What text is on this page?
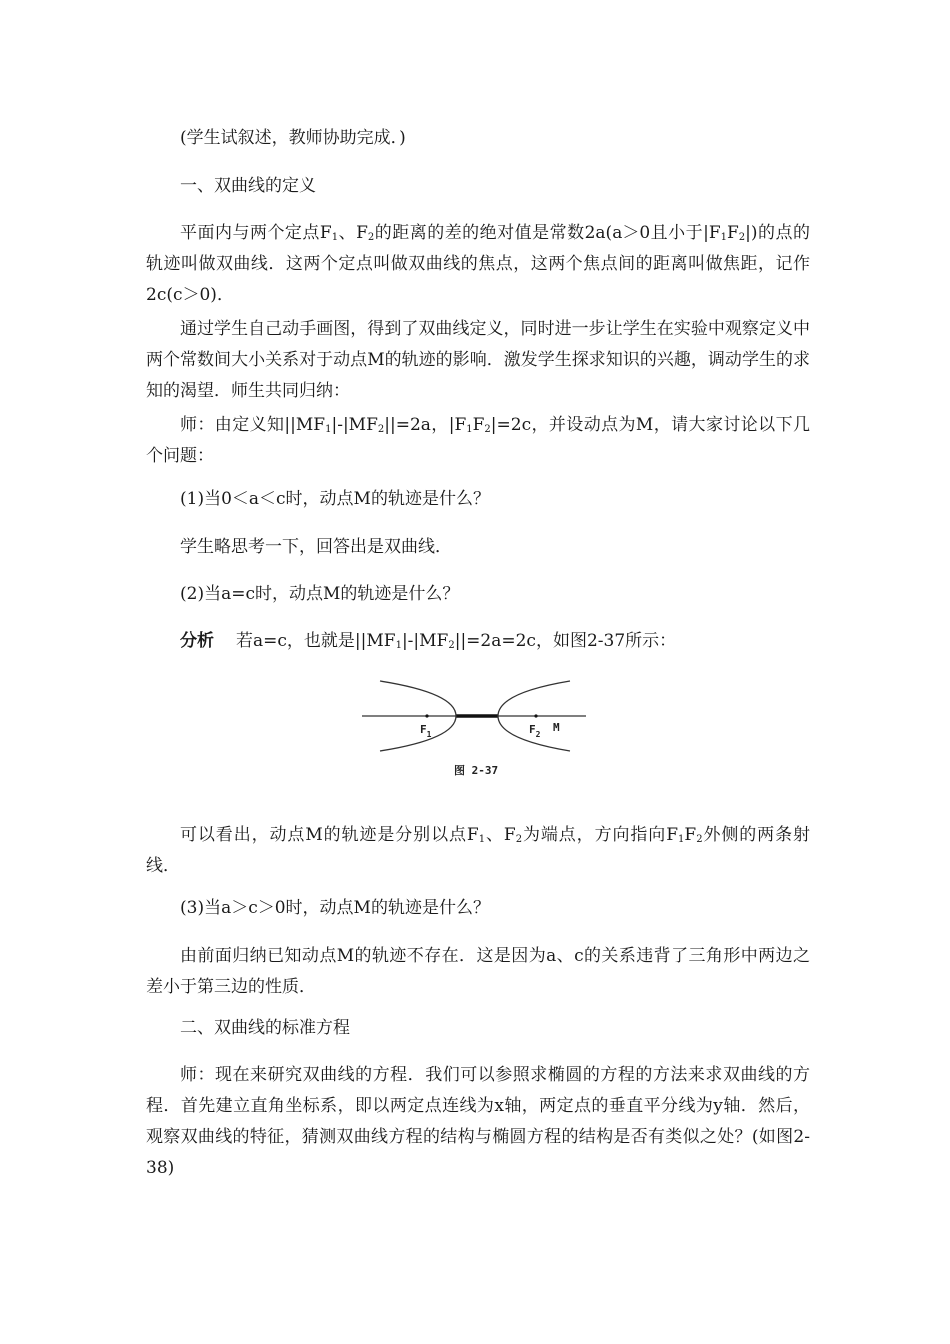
(学生试叙述，教师协助完成．)

一、双曲线的定义

平面内与两个定点$F_1$、$F_2$的距离的差的绝对值是常数2a(a＞0且小于$|F_1F_2|$)的点的轨迹叫做双曲线．这两个定点叫做双曲线的焦点，这两个焦点间的距离叫做焦距，记作2c(c＞0)．

通过学生自己动手画图，得到了双曲线定义，同时进一步让学生在实验中观察定义中两个常数间大小关系对于动点M的轨迹的影响．激发学生探求知识的兴趣，调动学生的求知的渴望．师生共同归纳：

师：由定义知$||MF_1|-|MF_2||=2a$，$|F_1F_2|=2c$，并设动点为M，请大家讨论以下几个问题：

(1)当0＜a＜c时，动点M的轨迹是什么？

学生略思考一下，回答出是双曲线．

(2)当a=c时，动点M的轨迹是什么？

分析 若a=c，也就是$||MF_1|-|MF_2||=2a=2c$，如图2-37所示：

$F_1$	$F_2$
M
图 2-37

可以看出，动点M的轨迹是分别以点$F_1$、$F_2$为端点，方向指向$F_1F_2$外侧的两条射线．

(3)当a＞c＞0时，动点M的轨迹是什么？

由前面归纳已知动点M的轨迹不存在．这是因为a、c的关系违背了三角形中两边之差小于第三边的性质．

二、双曲线的标准方程

师：现在来研究双曲线的方程．我们可以参照求椭圆的方程的方法来求双曲线的方程．首先建立直角坐标系，即以两定点连线为x轴，两定点的垂直平分线为y轴．然后，观察双曲线的特征，猜测双曲线方程的结构与椭圆方程的结构是否有类似之处？(如图2-38)
